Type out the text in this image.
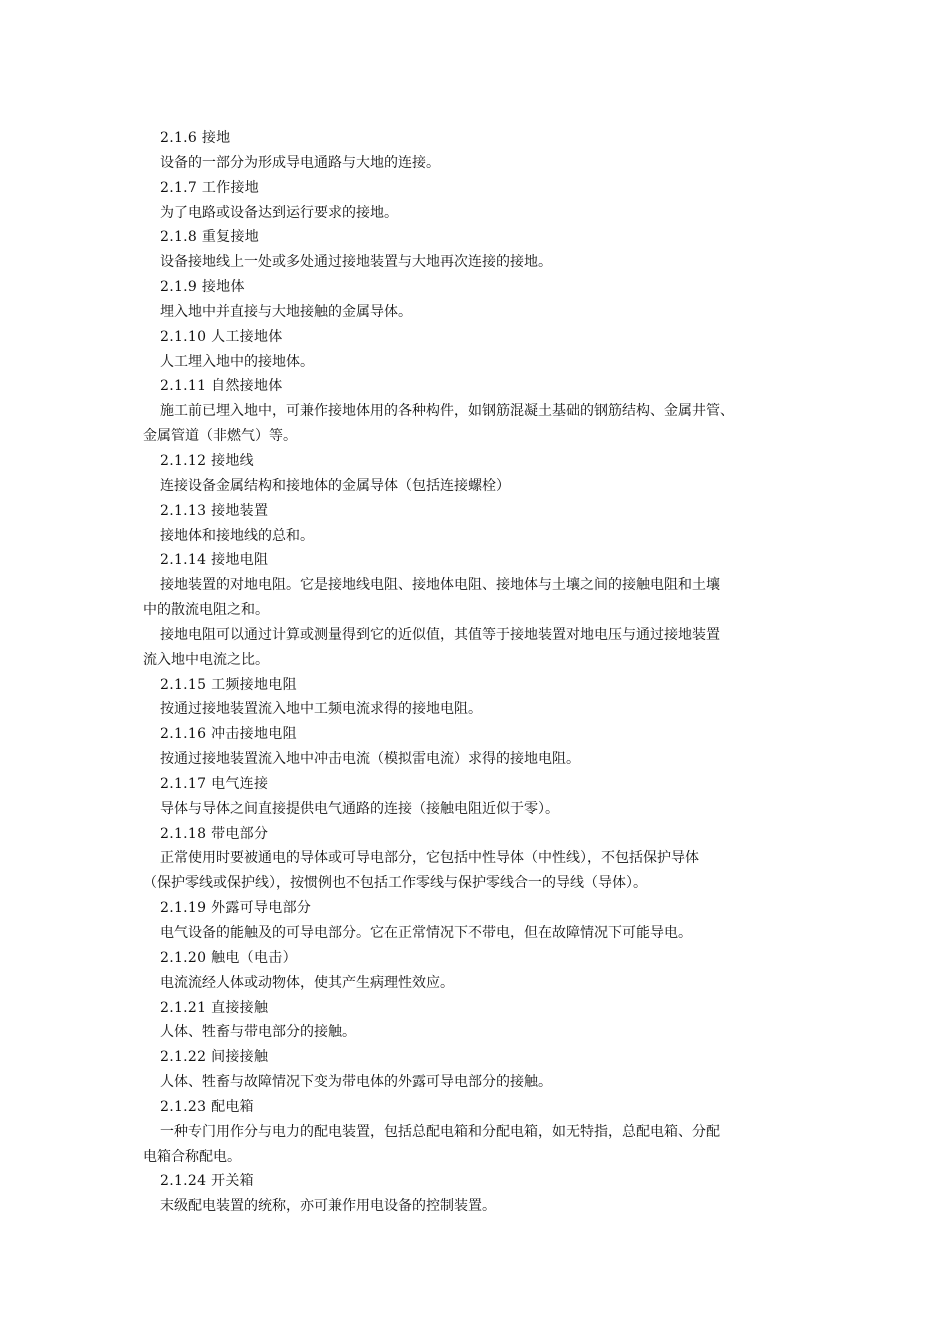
2.1.6 接地
设备的一部分为形成导电通路与大地的连接。
2.1.7 工作接地
为了电路或设备达到运行要求的接地。
2.1.8 重复接地
设备接地线上一处或多处通过接地装置与大地再次连接的接地。
2.1.9 接地体
埋入地中并直接与大地接触的金属导体。
2.1.10 人工接地体
人工埋入地中的接地体。
2.1.11 自然接地体
施工前已埋入地中，可兼作接地体用的各种构件，如钢筋混凝土基础的钢筋结构、金属井管、
金属管道（非燃气）等。
2.1.12 接地线
连接设备金属结构和接地体的金属导体（包括连接螺栓）
2.1.13 接地装置
接地体和接地线的总和。
2.1.14 接地电阻
接地装置的对地电阻。它是接地线电阻、接地体电阻、接地体与土壤之间的接触电阻和土壤
中的散流电阻之和。
接地电阻可以通过计算或测量得到它的近似值，其值等于接地装置对地电压与通过接地装置
流入地中电流之比。
2.1.15 工频接地电阻
按通过接地装置流入地中工频电流求得的接地电阻。
2.1.16 冲击接地电阻
按通过接地装置流入地中冲击电流（模拟雷电流）求得的接地电阻。
2.1.17 电气连接
导体与导体之间直接提供电气通路的连接（接触电阻近似于零）。
2.1.18 带电部分
正常使用时要被通电的导体或可导电部分，它包括中性导体（中性线），不包括保护导体
（保护零线或保护线），按惯例也不包括工作零线与保护零线合一的导线（导体）。
2.1.19 外露可导电部分
电气设备的能触及的可导电部分。它在正常情况下不带电，但在故障情况下可能导电。
2.1.20 触电（电击）
电流流经人体或动物体，使其产生病理性效应。
2.1.21 直接接触
人体、牲畜与带电部分的接触。
2.1.22 间接接触
人体、牲畜与故障情况下变为带电体的外露可导电部分的接触。
2.1.23 配电箱
一种专门用作分与电力的配电装置，包括总配电箱和分配电箱，如无特指，总配电箱、分配
电箱合称配电。
2.1.24 开关箱
末级配电装置的统称，亦可兼作用电设备的控制装置。
